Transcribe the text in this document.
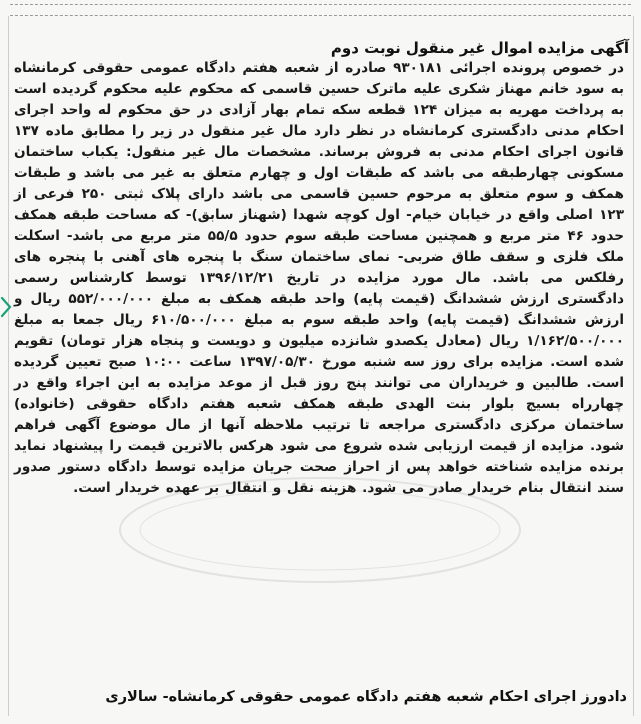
آگهی مزایده اموال غیر منقول نوبت دوم
در خصوص پرونده اجرائی ۹۳۰۱۸۱ صادره از شعبه هفتم دادگاه عمومی حقوقی کرمانشاه به سود خانم مهناز شکری علیه ماترک حسین قاسمی که محکوم علیه محکوم گردیده است به پرداخت مهریه به میزان ۱۲۴ قطعه سکه تمام بهار آزادی در حق محکوم له واحد اجرای احکام مدنی دادگستری کرمانشاه در نظر دارد مال غیر منقول در زیر را مطابق ماده ۱۳۷ قانون اجرای احکام مدنی به فروش برساند. مشخصات مال غیر منقول: یکباب ساختمان مسکونی چهارطبقه می باشد که طبقات اول و چهارم متعلق به غیر می باشد و طبقات همکف و سوم متعلق به مرحوم حسین قاسمی می باشد دارای پلاک ثبتی ۲۵۰ فرعی از ۱۲۳ اصلی واقع در خیابان خیام- اول کوچه شهدا (شهناز سابق)- که مساحت طبقه همکف حدود ۴۶ متر مربع و همچنین مساحت طبقه سوم حدود ۵۵/۵ متر مربع می باشد- اسکلت ملک فلزی و سقف طاق ضربی- نمای ساختمان سنگ با پنجره های آهنی با پنجره های رفلکس می باشد. مال مورد مزایده در تاریخ ۱۳۹۶/۱۲/۲۱ توسط کارشناس رسمی دادگستری ارزش ششدانگ (قیمت پایه) واحد طبقه همکف به مبلغ ۵۵۲/۰۰۰/۰۰۰ ریال و ارزش ششدانگ (قیمت پایه) واحد طبقه سوم به مبلغ ۶۱۰/۵۰۰/۰۰۰ ریال جمعا به مبلغ ۱/۱۶۲/۵۰۰/۰۰۰ ریال (معادل یکصدو شانزده میلیون و دویست و پنجاه هزار تومان) تقویم شده است. مزایده برای روز سه شنبه مورخ ۱۳۹۷/۰۵/۳۰ ساعت ۱۰:۰۰ صبح تعیین گردیده است. طالبین و خریداران می توانند پنج روز قبل از موعد مزایده به این اجراء واقع در چهارراه بسیج بلوار بنت الهدی طبقه همکف شعبه هفتم دادگاه حقوقی (خانواده) ساختمان مرکزی دادگستری مراجعه تا ترتیب ملاحظه آنها از مال موضوع آگهی فراهم شود. مزایده از قیمت ارزیابی شده شروع می شود هرکس بالاترین قیمت را پیشنهاد نماید برنده مزایده شناخته خواهد پس از احراز صحت جریان مزایده توسط دادگاه دستور صدور سند انتقال بنام خریدار صادر می شود. هزینه نقل و انتقال بر عهده خریدار است.
دادورز اجرای احکام شعبه هفتم دادگاه عمومی حقوقی کرمانشاه- سالاری
